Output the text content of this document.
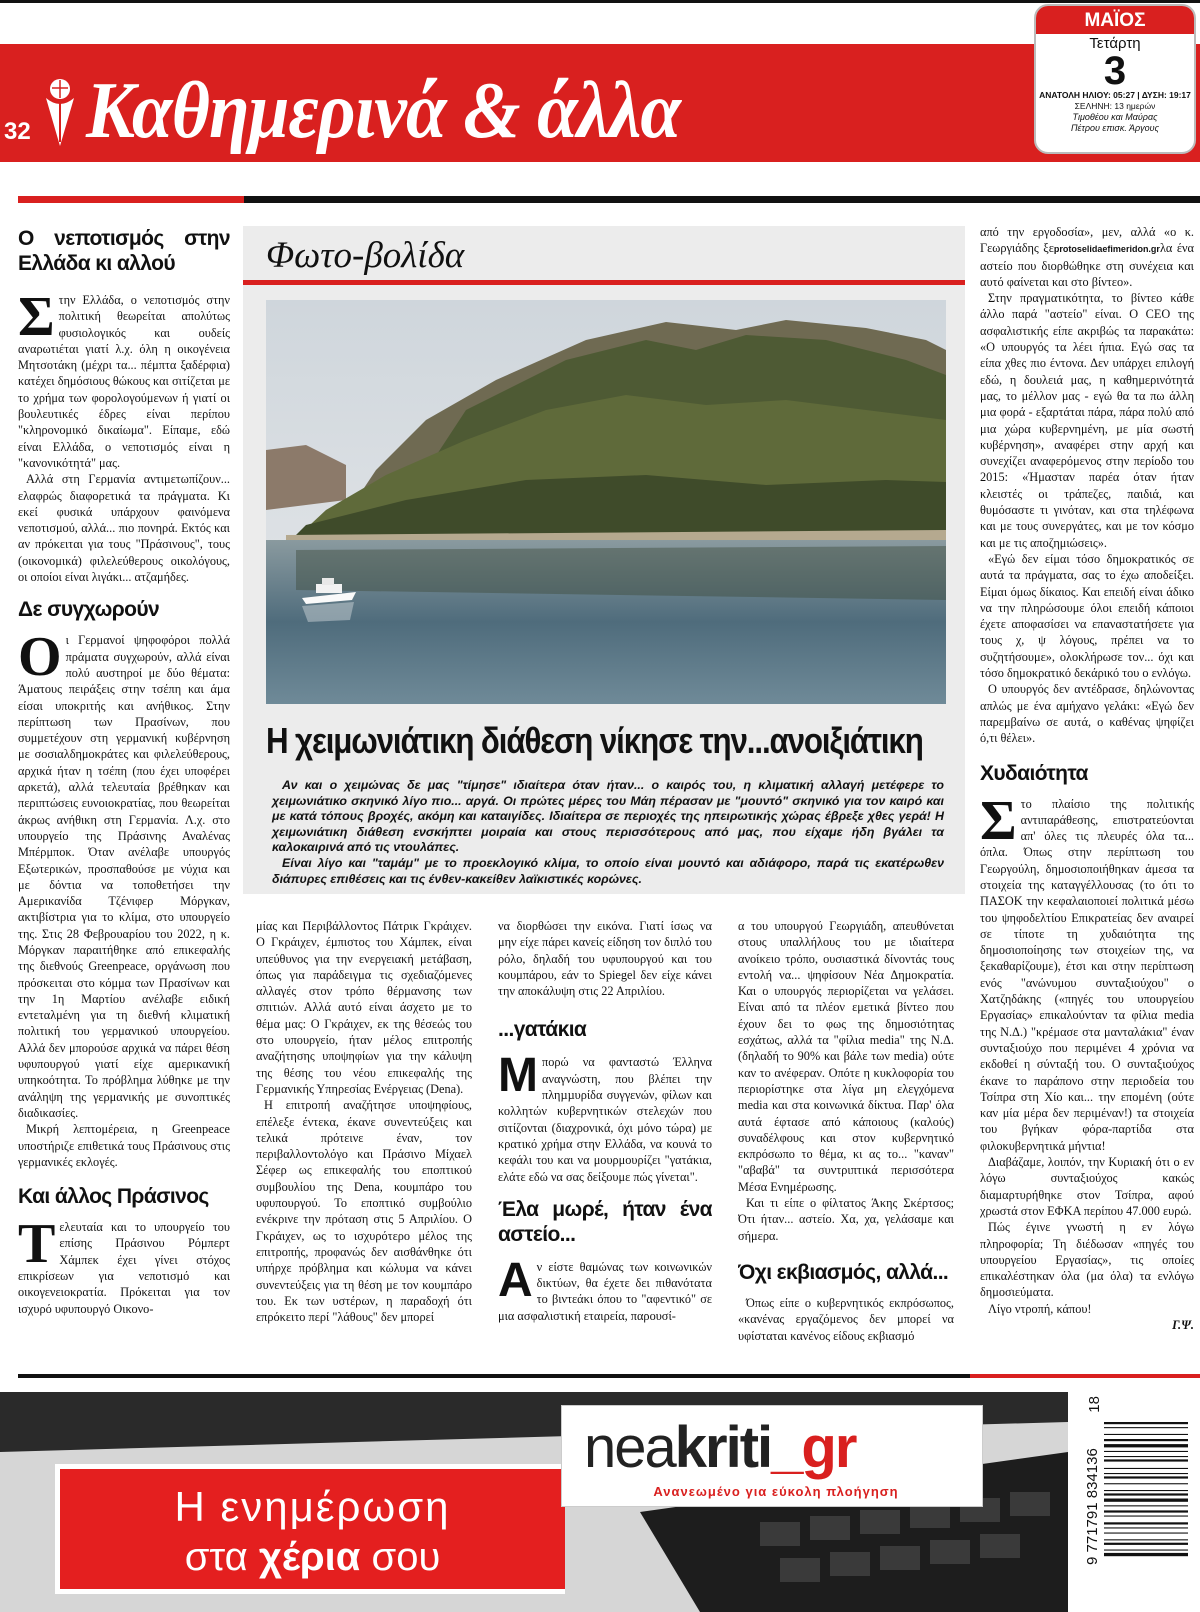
32 Καθημερινά & άλλα
ΜΑΪΟΣ
Τετάρτη
3
ΑΝΑΤΟΛΗ ΗΛΙΟΥ: 05:27 | ΔΥΣΗ: 19:17
ΣΕΛΗΝΗ: 13 ημερών
Τιμοθέου και Μαύρας
Πέτρου επισκ. Άργους
Ο νεποτισμός στην Ελλάδα κι αλλού

Στην Ελλάδα, ο νεποτισμός στην πολιτική θεωρείται απολύτως φυσιολογικός και ουδείς αναρωτιέται γιατί λ.χ. όλη η οικογένεια Μητσοτάκη (μέχρι τα... πέμπτα ξαδέρφια) κατέχει δημόσιους θώκους και σιτίζεται με το χρήμα των φορολογούμενων ή γιατί οι βουλευτικές έδρες είναι περίπου "κληρονομικό δικαίωμα". Είπαμε, εδώ είναι Ελλάδα, ο νεποτισμός είναι η "κανονικότητά" μας.

Αλλά στη Γερμανία αντιμετωπίζουν... ελαφρώς διαφορετικά τα πράγματα. Κι εκεί φυσικά υπάρχουν φαινόμενα νεποτισμού, αλλά... πιο πονηρά. Εκτός και αν πρόκειται για τους "Πράσινους", τους (οικονομικά) φιλελεύθερους οικολόγους, οι οποίοι είναι λιγάκι... ατζαμήδες.

Δε συγχωρούν

Οι Γερμανοί ψηφοφόροι πολλά πράματα συγχωρούν, αλλά είναι πολύ αυστηροί με δύο θέματα: Άματους πειράξεις στην τσέπη και άμα είσαι υποκριτής και ανήθικος. Στην περίπτωση των Πρασίνων, που συμμετέχουν στη γερμανική κυβέρνηση με σοσιαλδημοκράτες και φιλελεύθερους, αρχικά ήταν η τσέπη (που έχει υποφέρει αρκετά), αλλά τελευταία βρέθηκαν και περιπτώσεις ευνοιοκρατίας, που θεωρείται άκρως ανήθικη στη Γερμανία. Λ.χ. στο υπουργείο της Πράσινης Αναλένας Μπέρμποκ. Όταν ανέλαβε υπουργός Εξωτερικών, προσπαθούσε με νύχια και με δόντια να τοποθετήσει την Αμερικανίδα Τζένιφερ Μόργκαν, ακτιβίστρια για το κλίμα, στο υπουργείο της. Στις 28 Φεβρουαρίου του 2022, η κ. Μόργκαν παραιτήθηκε από επικεφαλής της διεθνούς Greenpeace, οργάνωση που πρόσκειται στο κόμμα των Πρασίνων και την 1η Μαρτίου ανέλαβε ειδική εντεταλμένη για τη διεθνή κλιματική πολιτική του γερμανικού υπουργείου. Αλλά δεν μπορούσε αρχικά να πάρει θέση υφυπουργού γιατί είχε αμερικανική υπηκοότητα. Το πρόβλημα λύθηκε με την ανάληψη της γερμανικής με συνοπτικές διαδικασίες.

Μικρή λεπτομέρεια, η Greenpeace υποστήριζε επιθετικά τους Πράσινους στις γερμανικές εκλογές.

Και άλλος Πράσινος

Τελευταία και το υπουργείο του επίσης Πράσινου Ρόμπερτ Χάμπεκ έχει γίνει στόχος επικρίσεων για νεποτισμό και οικογενειοκρατία. Πρόκειται για τον ισχυρό υφυπουργό Οικονο-

Φωτο-βολίδα
Η χειμωνιάτικη διάθεση νίκησε την...ανοιξιάτικη
Αν και ο χειμώνας δε μας "τίμησε" ιδιαίτερα όταν ήταν... ο καιρός του, η κλιματική αλλαγή μετέφερε το χειμωνιάτικο σκηνικό λίγο πιο... αργά. Οι πρώτες μέρες του Μάη πέρασαν με "μουντό" σκηνικό για τον καιρό και με κατά τόπους βροχές, ακόμη και καταιγίδες. Ιδιαίτερα σε περιοχές της ηπειρωτικής χώρας έβρεξε χθες γερά! Η χειμωνιάτικη διάθεση ενσκήπτει μοιραία και στους περισσότερους από μας, που είχαμε ήδη βγάλει τα καλοκαιρινά από τις ντουλάπες.
Είναι λίγο και "ταμάμ" με το προεκλογικό κλίμα, το οποίο είναι μουντό και αδιάφορο, παρά τις εκατέρωθεν διάπυρες επιθέσεις και τις ένθεν-κακείθεν λαϊκιστικές κορώνες.

μίας και Περιβάλλοντος Πάτρικ Γκράιχεν. Ο Γκράιχεν, έμπιστος του Χάμπεκ, είναι υπεύθυνος για την ενεργειακή μετάβαση, όπως για παράδειγμα τις σχεδιαζόμενες αλλαγές στον τρόπο θέρμανσης των σπιτιών. Αλλά αυτό είναι άσχετο με το θέμα μας: Ο Γκράιχεν, εκ της θέσεώς του στο υπουργείο, ήταν μέλος επιτροπής αναζήτησης υποψηφίων για την κάλυψη της θέσης του νέου επικεφαλής της Γερμανικής Υπηρεσίας Ενέργειας (Dena).

Η επιτροπή αναζήτησε υποψηφίους, επέλεξε έντεκα, έκανε συνεντεύξεις και τελικά πρότεινε έναν, τον περιβαλλοντολόγο και Πράσινο Μίχαελ Σέφερ ως επικεφαλής του εποπτικού συμβουλίου της Dena, κουμπάρο του υφυπουργού. Το εποπτικό συμβούλιο ενέκρινε την πρόταση στις 5 Απριλίου. Ο Γκράιχεν, ως το ισχυρότερο μέλος της επιτροπής, προφανώς δεν αισθάνθηκε ότι υπήρχε πρόβλημα και κώλυμα να κάνει συνεντεύξεις για τη θέση με τον κουμπάρο του. Εκ των υστέρων, η παραδοχή ότι επρόκειτο περί "λάθους" δεν μπορεί

να διορθώσει την εικόνα. Γιατί ίσως να μην είχε πάρει κανείς είδηση τον διπλό του ρόλο, δηλαδή του υφυπουργού και του κουμπάρου, εάν το Spiegel δεν είχε κάνει την αποκάλυψη στις 22 Απριλίου.

...γατάκια

Μπορώ να φανταστώ Έλληνα αναγνώστη, που βλέπει την πληµµυρίδα συγγενών, φίλων και κολλητών κυβερνητικών στελεχών που σιτίζονται (διαχρονικά, όχι μόνο τώρα) με κρατικό χρήμα στην Ελλάδα, να κουνά το κεφάλι του και να μουρμουρίζει "γατάκια, ελάτε εδώ να σας δείξουμε πώς γίνεται".

Έλα μωρέ, ήταν ένα αστείο...

Αν είστε θαμώνας των κοινωνικών δικτύων, θα έχετε δει πιθανότατα το βιντεάκι όπου το "αφεντικό" σε μια ασφαλιστική εταιρεία, παρουσί-

α του υπουργού Γεωργιάδη, απευθύνεται στους υπαλλήλους του με ιδιαίτερα ανοίκειο τρόπο, ουσιαστικά δίνοντάς τους εντολή να... ψηφίσουν Νέα Δημοκρατία. Και ο υπουργός περιορίζεται να γελάσει. Είναι από τα πλέον εμετικά βίντεο που έχουν δει το φως της δημοσιότητας εσχάτως, αλλά τα "φίλια media" της Ν.Δ. (δηλαδή το 90% και βάλε των media) ούτε καν το ανέφεραν. Οπότε η κυκλοφορία του περιορίστηκε στα λίγα μη ελεγχόμενα media και στα κοινωνικά δίκτυα. Παρ' όλα αυτά έφτασε από κάποιους (καλούς) συναδέλφους και στον κυβερνητικό εκπρόσωπο το θέμα, κι ας το... "καναν" "αβαβά" τα συντριπτικά περισσότερα Μέσα Ενημέρωσης.

Και τι είπε ο φίλτατος Άκης Σκέρτσος; Ότι ήταν... αστείο. Χα, χα, γελάσαμε και σήμερα.

Όχι εκβιασμός, αλλά...

Όπως είπε ο κυβερνητικός εκπρόσωπος, «κανένας εργαζόμενος δεν μπορεί να υφίσταται κανένος είδους εκβιασμό

από την εργοδοσία», μεν, αλλά «ο κ. Γεωργιάδης ξεprotoselidaefimeridon.grλα ένα αστείο που διορθώθηκε στη συνέχεια και αυτό φαίνεται και στο βίντεο».

Στην πραγματικότητα, το βίντεο κάθε άλλο παρά "αστείο" είναι. Ο CEO της ασφαλιστικής είπε ακριβώς τα παρακάτω: «Ο υπουργός τα λέει ήπια. Εγώ σας τα είπα χθες πιο έντονα. Δεν υπάρχει επιλογή εδώ, η δουλειά μας, η καθημερινότητά μας, το μέλλον μας - εγώ θα τα πω άλλη μια φορά - εξαρτάται πάρα, πάρα πολύ από μια χώρα κυβερνημένη, με μία σωστή κυβέρνηση», αναφέρει στην αρχή και συνεχίζει αναφερόμενος στην περίοδο του 2015: «Ήμασταν παρέα όταν ήταν κλειστές οι τράπεζες, παιδιά, και θυμόσαστε τι γινόταν, και στα τηλέφωνα και με τους συνεργάτες, και με τον κόσμο και με τις αποζημιώσεις».

«Εγώ δεν είμαι τόσο δημοκρατικός σε αυτά τα πράγματα, σας το έχω αποδείξει. Είμαι όμως δίκαιος. Και επειδή είναι άδικο να την πληρώσουμε όλοι επειδή κάποιοι έχετε αποφασίσει να επαναστατήσετε για τους χ, ψ λόγους, πρέπει να το συζητήσουμε», ολοκλήρωσε τον... όχι και τόσο δημοκρατικό δεκάρικό του ο ενλόγω.

Ο υπουργός δεν αντέδρασε, δηλώνοντας απλώς με ένα αμήχανο γελάκι: «Εγώ δεν παρεμβαίνω σε αυτά, ο καθένας ψηφίζει ό,τι θέλει».

Χυδαιότητα

Στο πλαίσιο της πολιτικής αντιπαράθεσης, επιστρατεύονται απ' όλες τις πλευρές όλα τα... όπλα. Όπως στην περίπτωση του Γεωργούλη, δημοσιοποιήθηκαν άμεσα τα στοιχεία της καταγγέλλουσας (το ότι το ΠΑΣΟΚ την κεφαλαιοποιεί πολιτικά μέσω του ψηφοδελτίου Επικρατείας δεν αναιρεί σε τίποτε τη χυδαιότητα της δημοσιοποίησης των στοιχείων της, να ξεκαθαρίζουμε), έτσι και στην περίπτωση ενός "ανώνυμου συνταξιούχου" ο Χατζηδάκης («πηγές του υπουργείου Εργασίας» επικαλούνταν τα φίλια media της Ν.Δ.) "κρέμασε στα μανταλάκια" έναν συνταξιούχο που περιμένει 4 χρόνια να εκδοθεί η σύνταξή του. Ο συνταξιούχος έκανε το παράπονο στην περιοδεία του Τσίπρα στη Χίο και... την επομένη (ούτε καν μία μέρα δεν περιμέναν!) τα στοιχεία του βγήκαν φόρα-παρτίδα στα φιλοκυβερνητικά μήντια!

Διαβάζαμε, λοιπόν, την Κυριακή ότι ο εν λόγω συνταξιούχος κακώς διαμαρτυρήθηκε στον Τσίπρα, αφού χρωστά στον ΕΦΚΑ περίπου 47.000 ευρώ.

Πώς έγινε γνωστή η εν λόγω πληροφορία; Τη διέδωσαν «πηγές του υπουργείου Εργασίας», τις οποίες επικαλέστηκαν όλα (μα όλα) τα ενλόγω δημοσιεύματα.

Λίγο ντροπή, κάπου!

Γ.Ψ.

Η ενημέρωση
στα χέρια σου
neakriti_gr
Ανανεωμένο για εύκολη πλοήγηση	9 771791 834136
18
